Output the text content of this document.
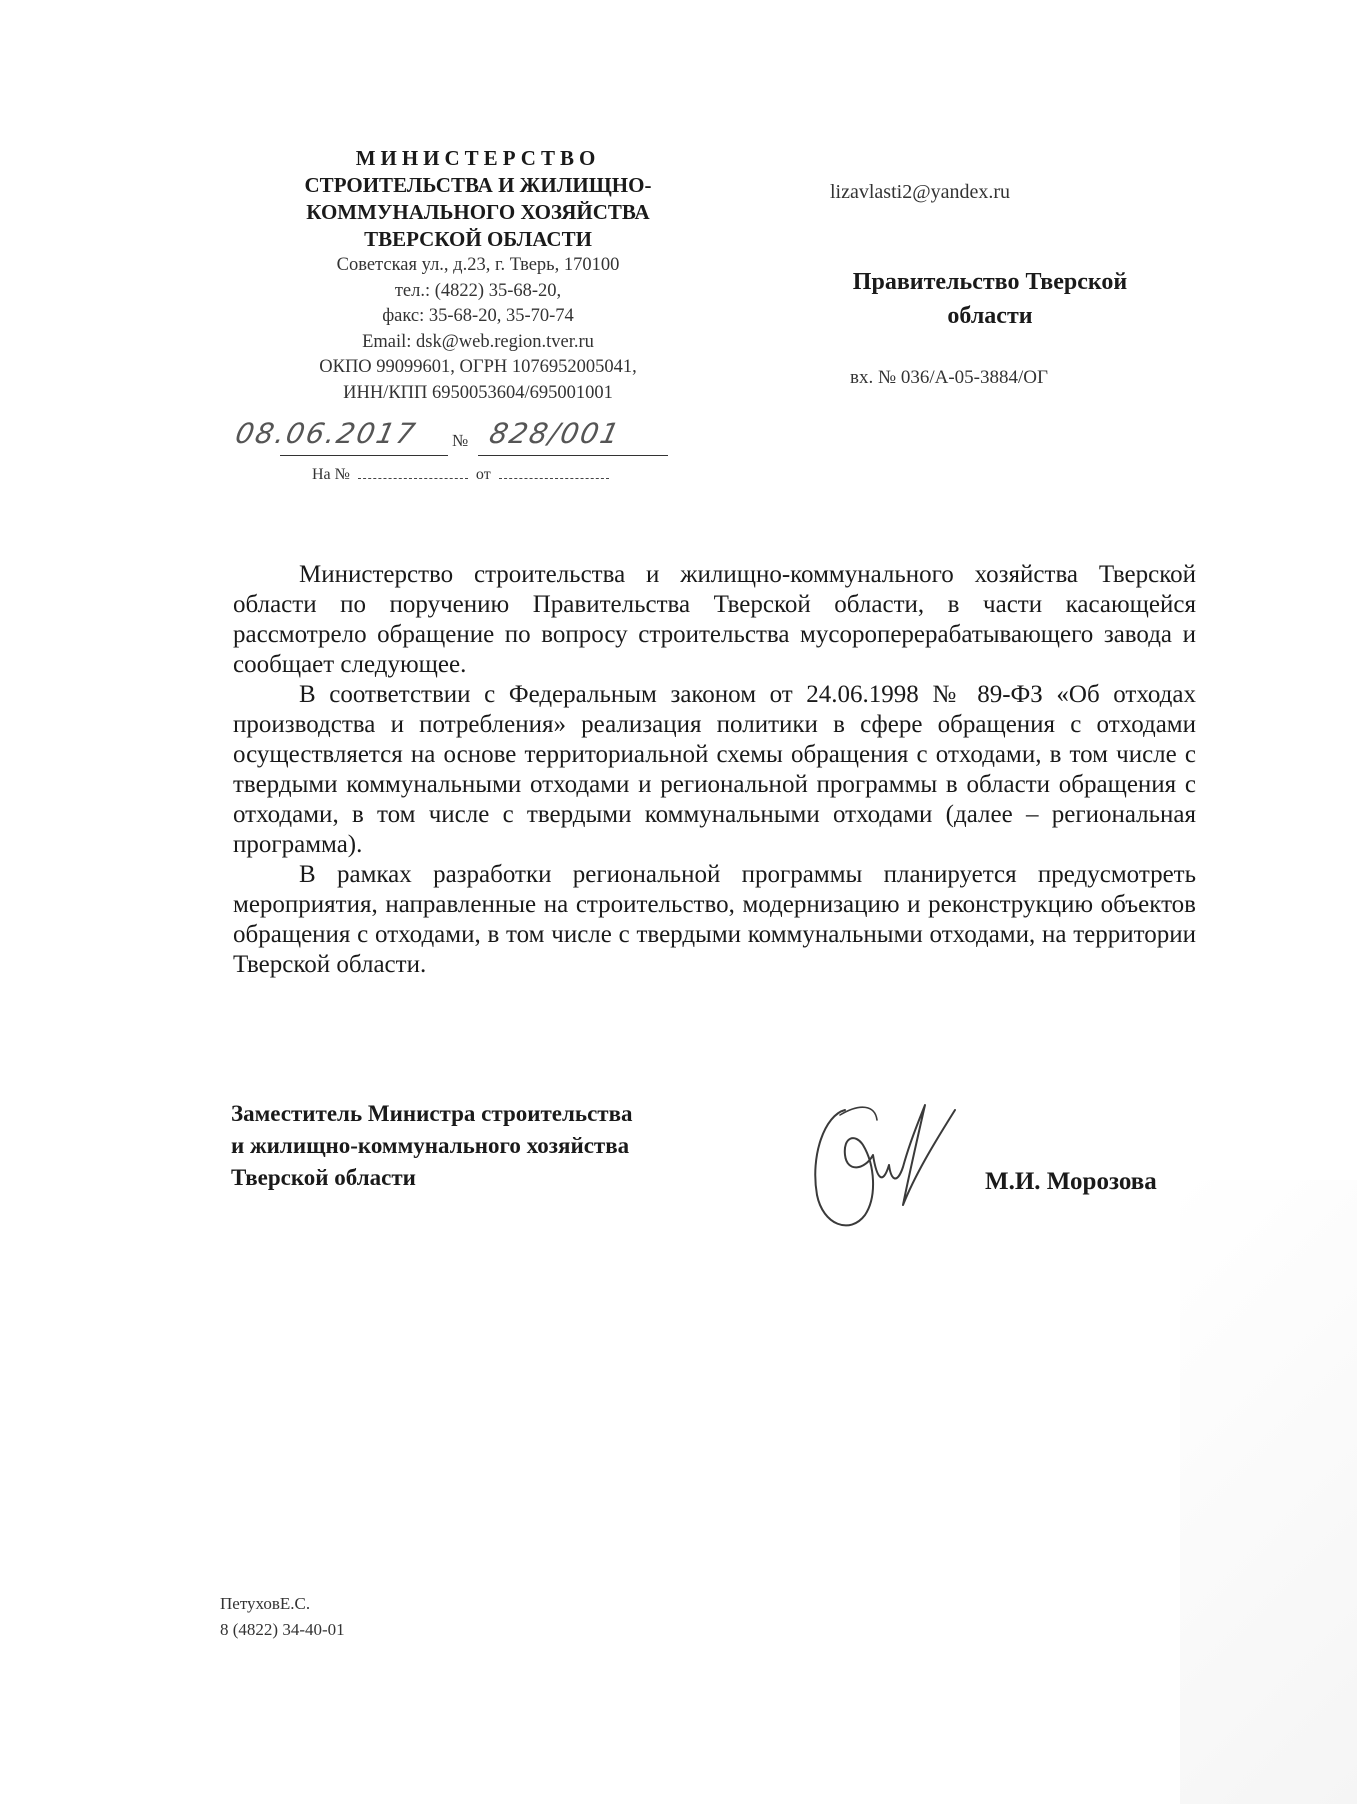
МИНИСТЕРСТВО
СТРОИТЕЛЬСТВА И ЖИЛИЩНО-
КОММУНАЛЬНОГО ХОЗЯЙСТВА
ТВЕРСКОЙ ОБЛАСТИ
Советская ул., д.23, г. Тверь, 170100
тел.: (4822) 35-68-20,
факс: 35-68-20, 35-70-74
Email: dsk@web.region.tver.ru
ОКПО 99099601, ОГРН 1076952005041,
ИНН/КПП 6950053604/695001001
08.06.2017	№ 828/001
На №	от
lizavlasti2@yandex.ru
Правительство Тверской
области
вх. № 036/А-05-3884/ОГ

Министерство строительства и жилищно-коммунального хозяйства Тверской области по поручению Правительства Тверской области, в части касающейся рассмотрело обращение по вопросу строительства мусороперерабатывающего завода и сообщает следующее.

В соответствии с Федеральным законом от 24.06.1998 № 89-ФЗ «Об отходах производства и потребления» реализация политики в сфере обращения с отходами осуществляется на основе территориальной схемы обращения с отходами, в том числе с твердыми коммунальными отходами и региональной программы в области обращения с отходами, в том числе с твердыми коммунальными отходами (далее – региональная программа).

В рамках разработки региональной программы планируется предусмотреть мероприятия, направленные на строительство, модернизацию и реконструкцию объектов обращения с отходами, в том числе с твердыми коммунальными отходами, на территории Тверской области.

Заместитель Министра строительства
и жилищно-коммунального хозяйства
Тверской области	М.И. Морозова
ПетуховЕ.С.
8 (4822) 34-40-01
